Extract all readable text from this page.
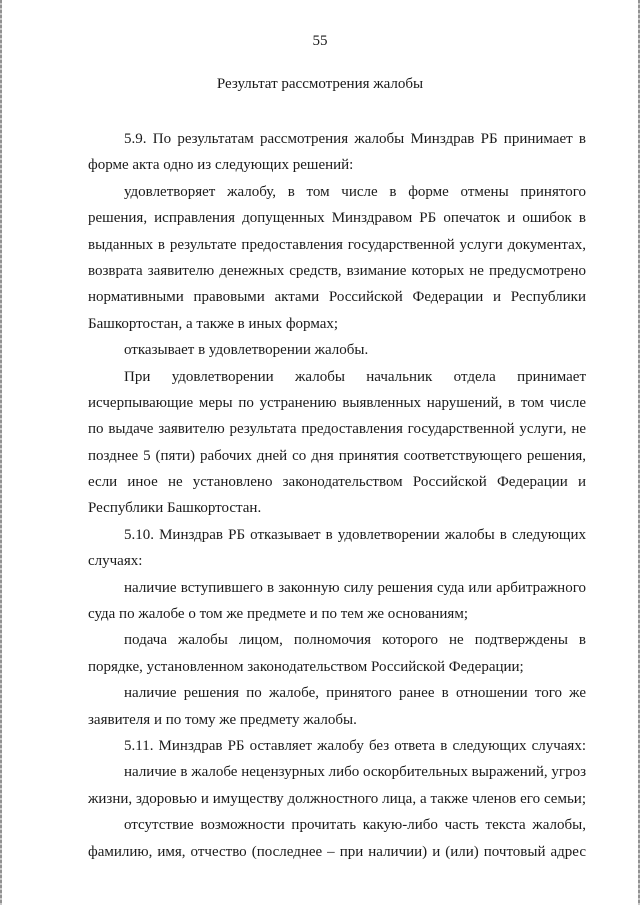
55
Результат рассмотрения жалобы
5.9. По результатам рассмотрения жалобы Минздрав РБ принимает в
форме акта одно из следующих решений:
удовлетворяет жалобу, в том числе в форме отмены принятого
решения, исправления допущенных Минздравом РБ опечаток и ошибок в
выданных в результате предоставления государственной услуги документах,
возврата заявителю денежных средств, взимание которых не предусмотрено
нормативными правовыми актами Российской Федерации и Республики
Башкортостан, а также в иных формах;
отказывает в удовлетворении жалобы.
При удовлетворении жалобы начальник отдела принимает
исчерпывающие меры по устранению выявленных нарушений, в том числе
по выдаче заявителю результата предоставления государственной услуги, не
позднее 5 (пяти) рабочих дней со дня принятия соответствующего решения,
если иное не установлено законодательством Российской Федерации и
Республики Башкортостан.
5.10. Минздрав РБ отказывает в удовлетворении жалобы в следующих
случаях:
наличие вступившего в законную силу решения суда или арбитражного
суда по жалобе о том же предмете и по тем же основаниям;
подача жалобы лицом, полномочия которого не подтверждены в
порядке, установленном законодательством Российской Федерации;
наличие решения по жалобе, принятого ранее в отношении того же
заявителя и по тому же предмету жалобы.
5.11. Минздрав РБ оставляет жалобу без ответа в следующих случаях:
наличие в жалобе нецензурных либо оскорбительных выражений, угроз
жизни, здоровью и имуществу должностного лица, а также членов его семьи;
отсутствие возможности прочитать какую-либо часть текста жалобы,
фамилию, имя, отчество (последнее – при наличии) и (или) почтовый адрес
